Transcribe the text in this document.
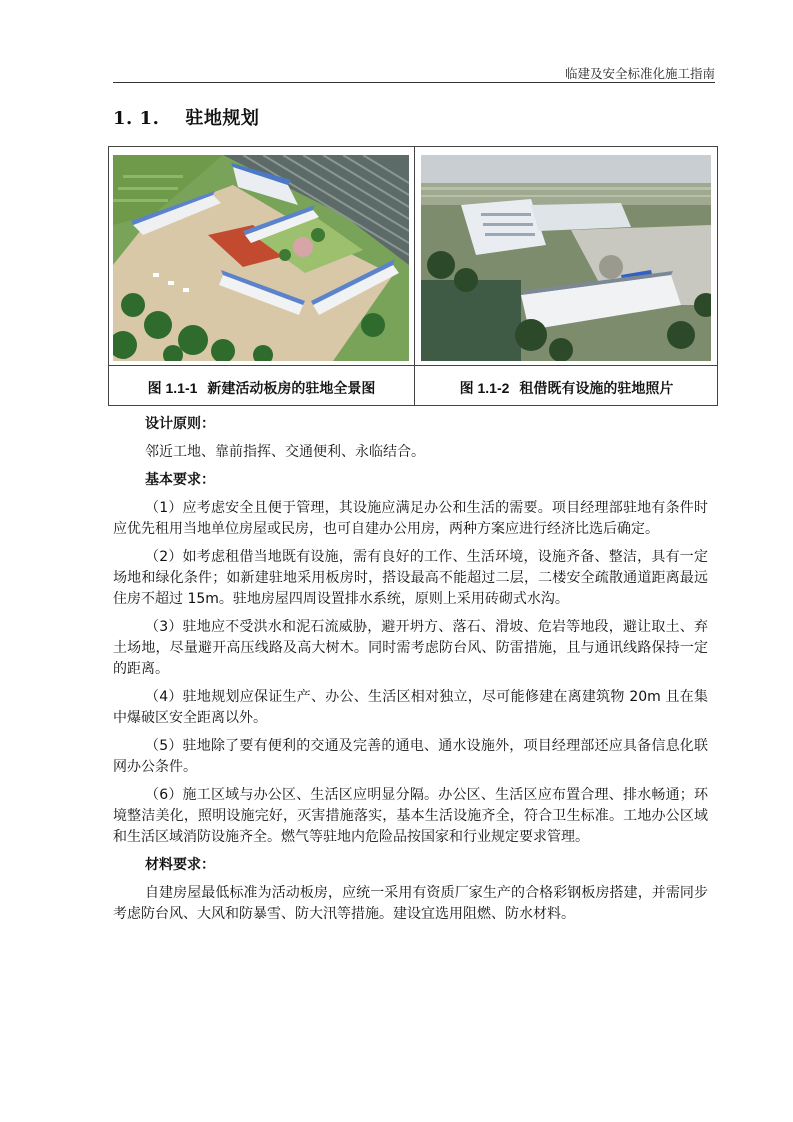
临建及安全标准化施工指南
1. 1. 驻地规划
图 1.1-1 新建活动板房的驻地全景图	图 1.1-2 租借既有设施的驻地照片

设计原则：

邻近工地、靠前指挥、交通便利、永临结合。

基本要求：

（1）应考虑安全且便于管理，其设施应满足办公和生活的需要。项目经理部驻地有条件时应优先租用当地单位房屋或民房，也可自建办公用房，两种方案应进行经济比选后确定。

（2）如考虑租借当地既有设施，需有良好的工作、生活环境，设施齐备、整洁，具有一定场地和绿化条件；如新建驻地采用板房时，搭设最高不能超过二层，二楼安全疏散通道距离最远住房不超过 15m。驻地房屋四周设置排水系统，原则上采用砖砌式水沟。

（3）驻地应不受洪水和泥石流威胁，避开坍方、落石、滑坡、危岩等地段，避让取土、弃土场地，尽量避开高压线路及高大树木。同时需考虑防台风、防雷措施，且与通讯线路保持一定的距离。

（4）驻地规划应保证生产、办公、生活区相对独立，尽可能修建在离建筑物 20m 且在集中爆破区安全距离以外。

（5）驻地除了要有便利的交通及完善的通电、通水设施外，项目经理部还应具备信息化联网办公条件。

（6）施工区域与办公区、生活区应明显分隔。办公区、生活区应布置合理、排水畅通；环境整洁美化，照明设施完好，灭害措施落实，基本生活设施齐全，符合卫生标准。工地办公区域和生活区域消防设施齐全。燃气等驻地内危险品按国家和行业规定要求管理。

材料要求：

自建房屋最低标准为活动板房，应统一采用有资质厂家生产的合格彩钢板房搭建，并需同步考虑防台风、大风和防暴雪、防大汛等措施。建设宜选用阻燃、防水材料。
